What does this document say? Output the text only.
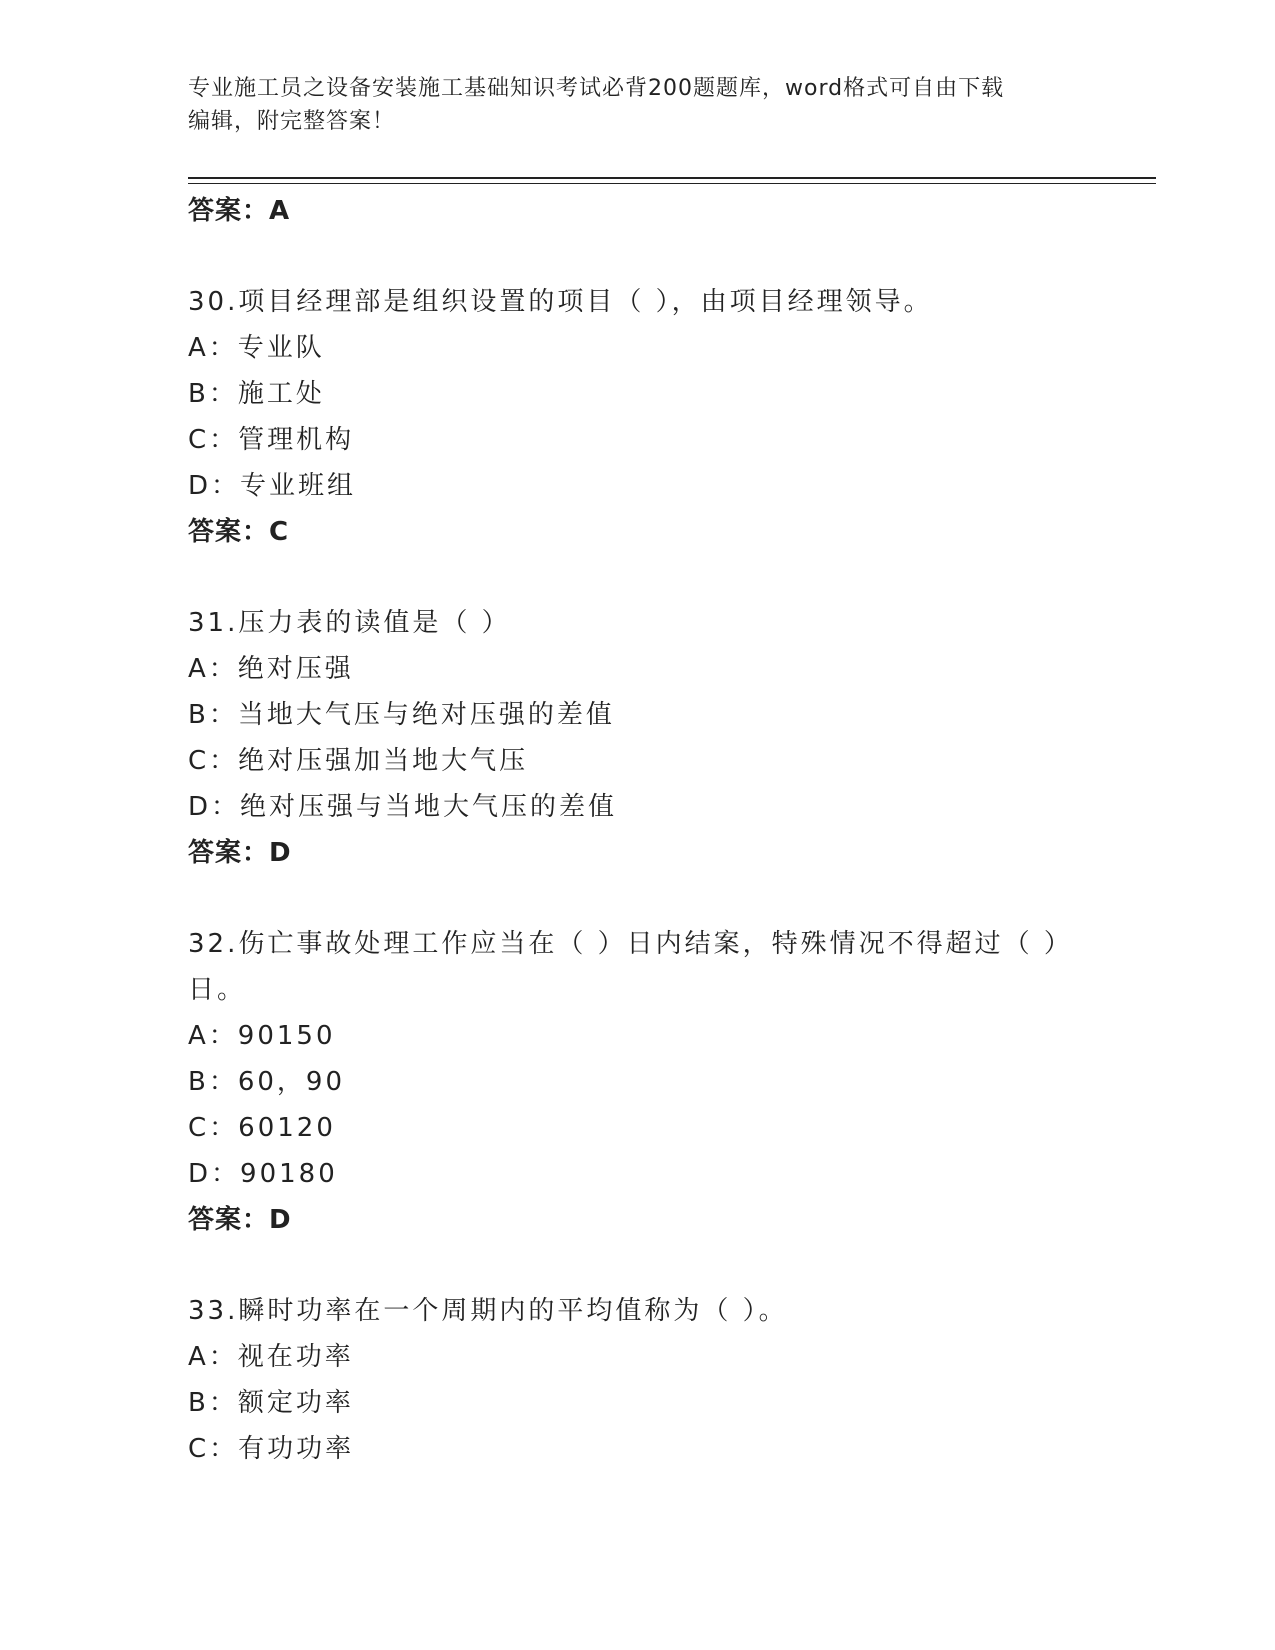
专业施工员之设备安装施工基础知识考试必背200题题库，word格式可自由下载
编辑，附完整答案！
答案：A
30.项目经理部是组织设置的项目（ ），由项目经理领导。
A：专业队
B：施工处
C：管理机构
D：专业班组
答案：C
31.压力表的读值是（ ）
A：绝对压强
B：当地大气压与绝对压强的差值
C：绝对压强加当地大气压
D：绝对压强与当地大气压的差值
答案：D
32.伤亡事故处理工作应当在（ ）日内结案，特殊情况不得超过（ ）
日。
A：90150
B：60，90
C：60120
D：90180
答案：D
33.瞬时功率在一个周期内的平均值称为（ ）。
A：视在功率
B：额定功率
C：有功功率
